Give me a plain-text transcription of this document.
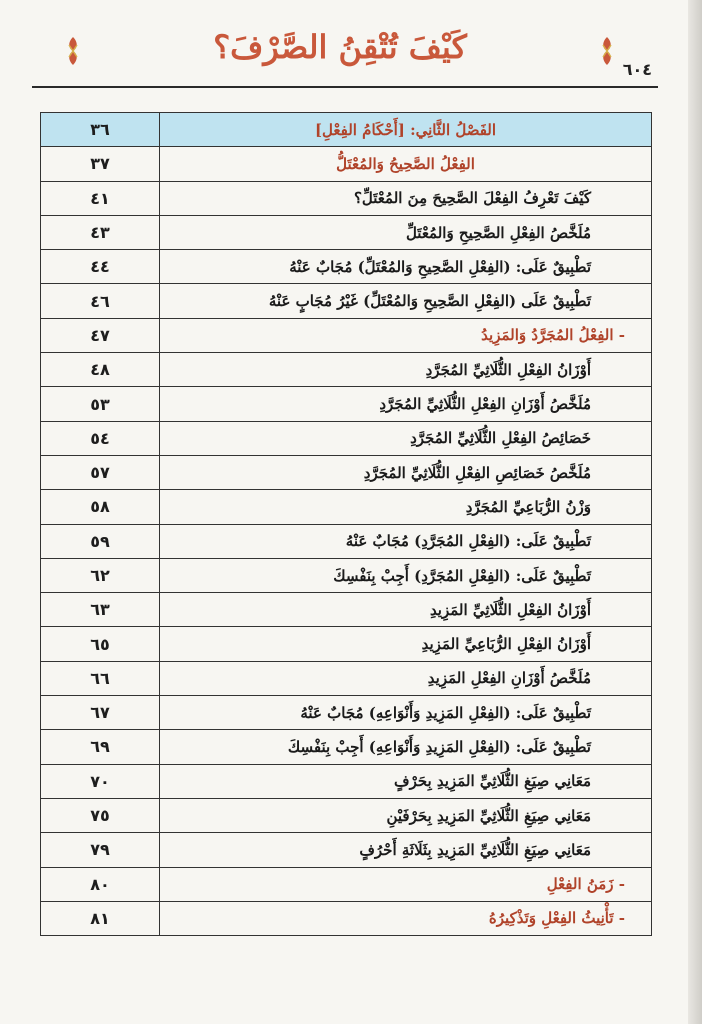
كَيْفَ تُتْقِنُ الصَّرْفَ؟
٦٠٤
٣٦	الفَصْلُ الثَّانِي: [أَحْكَامُ الفِعْلِ]
٣٧	الفِعْلُ الصَّحِيحُ وَالمُعْتَلُّ
٤١	كَيْفَ تَعْرِفُ الفِعْلَ الصَّحِيحَ مِنَ المُعْتَلِّ؟
٤٣	مُلَخَّصُ الفِعْلِ الصَّحِيحِ وَالمُعْتَلِّ
٤٤	تَطْبِيقٌ عَلَى: (الفِعْلِ الصَّحِيحِ وَالمُعْتَلِّ) مُجَابٌ عَنْهُ
٤٦	تَطْبِيقٌ عَلَى (الفِعْلِ الصَّحِيحِ وَالمُعْتَلِّ) غَيْرُ مُجَابٍ عَنْهُ
٤٧	- الفِعْلُ المُجَرَّدُ وَالمَزِيدُ
٤٨	أَوْزَانُ الفِعْلِ الثُّلَاثِيِّ المُجَرَّدِ
٥٣	مُلَخَّصُ أَوْزَانِ الفِعْلِ الثُّلَاثِيِّ المُجَرَّدِ
٥٤	خَصَائِصُ الفِعْلِ الثُّلَاثِيِّ المُجَرَّدِ
٥٧	مُلَخَّصُ خَصَائِصِ الفِعْلِ الثُّلَاثِيِّ المُجَرَّدِ
٥٨	وَزْنُ الرُّبَاعِيِّ المُجَرَّدِ
٥٩	تَطْبِيقٌ عَلَى: (الفِعْلِ المُجَرَّدِ) مُجَابٌ عَنْهُ
٦٢	تَطْبِيقٌ عَلَى: (الفِعْلِ المُجَرَّدِ) أَجِبْ بِنَفْسِكَ
٦٣	أَوْزَانُ الفِعْلِ الثُّلَاثِيِّ المَزِيدِ
٦٥	أَوْزَانُ الفِعْلِ الرُّبَاعِيِّ المَزِيدِ
٦٦	مُلَخَّصُ أَوْزَانِ الفِعْلِ المَزِيدِ
٦٧	تَطْبِيقٌ عَلَى: (الفِعْلِ المَزِيدِ وَأَنْوَاعِهِ) مُجَابٌ عَنْهُ
٦٩	تَطْبِيقٌ عَلَى: (الفِعْلِ المَزِيدِ وَأَنْوَاعِهِ) أَجِبْ بِنَفْسِكَ
٧٠	مَعَانِي صِيَغِ الثُّلَاثِيِّ المَزِيدِ بِحَرْفٍ
٧٥	مَعَانِي صِيَغِ الثُّلَاثِيِّ المَزِيدِ بِحَرْفَيْنِ
٧٩	مَعَانِي صِيَغِ الثُّلَاثِيِّ المَزِيدِ بِثَلَاثَةِ أَحْرُفٍ
٨٠	- زَمَنُ الفِعْلِ
٨١	- تَأْنِيثُ الفِعْلِ وَتَذْكِيرُهُ
